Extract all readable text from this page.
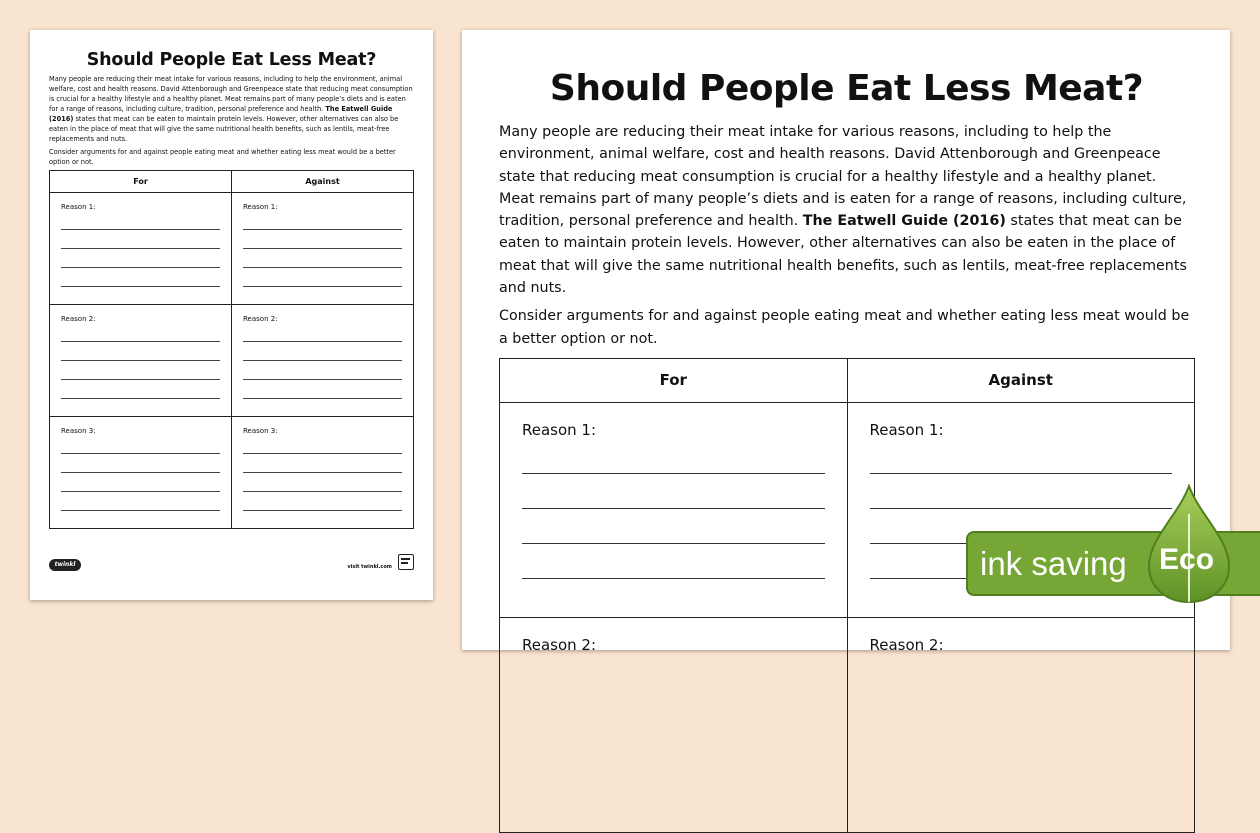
Should People Eat Less Meat?

Many people are reducing their meat intake for various reasons, including to help the environment, animal welfare, cost and health reasons. David Attenborough and Greenpeace state that reducing meat consumption is crucial for a healthy lifestyle and a healthy planet. Meat remains part of many people’s diets and is eaten for a range of reasons, including culture, tradition, personal preference and health. The Eatwell Guide (2016) states that meat can be eaten to maintain protein levels. However, other alternatives can also be eaten in the place of meat that will give the same nutritional health benefits, such as lentils, meat-free replacements and nuts.

Consider arguments for and against people eating meat and whether eating less meat would be a better option or not.

For	Against

Reason 1:	Reason 1:

Reason 2:	Reason 2:

Reason 3:	Reason 3:
twinkl	visit twinkl.com
Should People Eat Less Meat?

Many people are reducing their meat intake for various reasons, including to help the environment, animal welfare, cost and health reasons. David Attenborough and Greenpeace state that reducing meat consumption is crucial for a healthy lifestyle and a healthy planet. Meat remains part of many people’s diets and is eaten for a range of reasons, including culture, tradition, personal preference and health. The Eatwell Guide (2016) states that meat can be eaten to maintain protein levels. However, other alternatives can also be eaten in the place of meat that will give the same nutritional health benefits, such as lentils, meat-free replacements and nuts.

Consider arguments for and against people eating meat and whether eating less meat would be a better option or not.

For	Against

Reason 1:	Reason 1:

Reason 2:	Reason 2:
ink saving Eco
